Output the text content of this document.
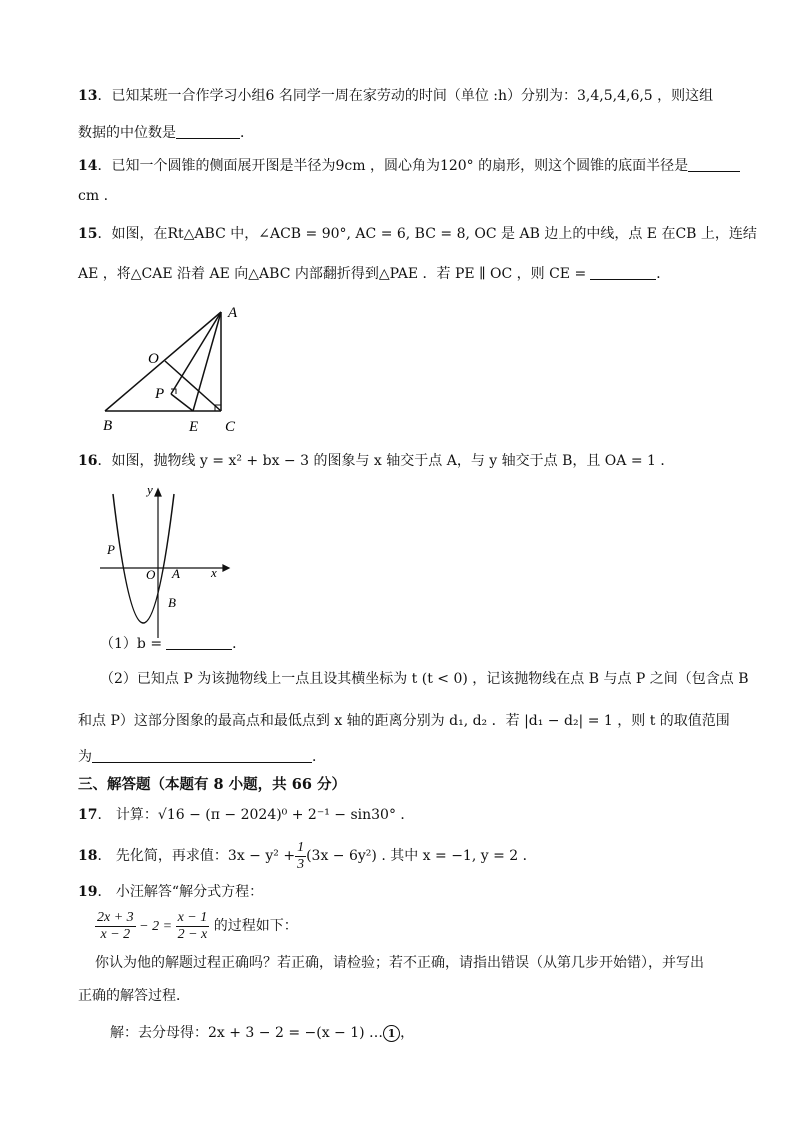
13．已知某班一合作学习小组6 名同学一周在家劳动的时间（单位 :h）分别为：3,4,5,4,6,5 ，则这组
数据的中位数是	．
14．已知一个圆锥的侧面展开图是半径为9cm ，圆心角为120° 的扇形，则这个圆锥的底面半径是
cm .
15．如图，在Rt△ABC 中，∠ACB = 90°, AC = 6, BC = 8, OC 是 AB 边上的中线，点 E 在CB 上，连结
AE ，将△CAE 沿着 AE 向△ABC 内部翻折得到△PAE ．若 PE ∥ OC ，则 CE =	．
A
O
P
B	E C
16．如图，抛物线 y = x² + bx − 3 的图象与 x 轴交于点 A，与 y 轴交于点 B，且 OA = 1 ．
y
x
P
O A
B
（1）b =	．
（2）已知点 P 为该抛物线上一点且设其横坐标为 t (t < 0) ，记该抛物线在点 B 与点 P 之间（包含点 B
和点 P）这部分图象的最高点和最低点到 x 轴的距离分别为 d₁, d₂ ．若 |d₁ − d₂| = 1 ，则 t 的取值范围
为	．
三、解答题（本题有 8 小题，共 66 分）
17． 计算：√16 − (π − 2024)⁰ + 2⁻¹ − sin30° ．
18． 先化简，再求值：$3x - y^2 + \frac{1}{3} (3x - 6y^2)$ . 其中 x = −1, y = 2 ．
19． 小汪解答“解分式方程：
$\frac{2x + 3}{x - 2} - 2 = \frac{x - 1}{2 - x}$ 的过程如下：
你认为他的解题过程正确吗？若正确，请检验；若不正确，请指出错误（从第几步开始错），并写出
正确的解答过程．
解：去分母得：2x + 3 − 2 = −(x − 1) … 1 ，
